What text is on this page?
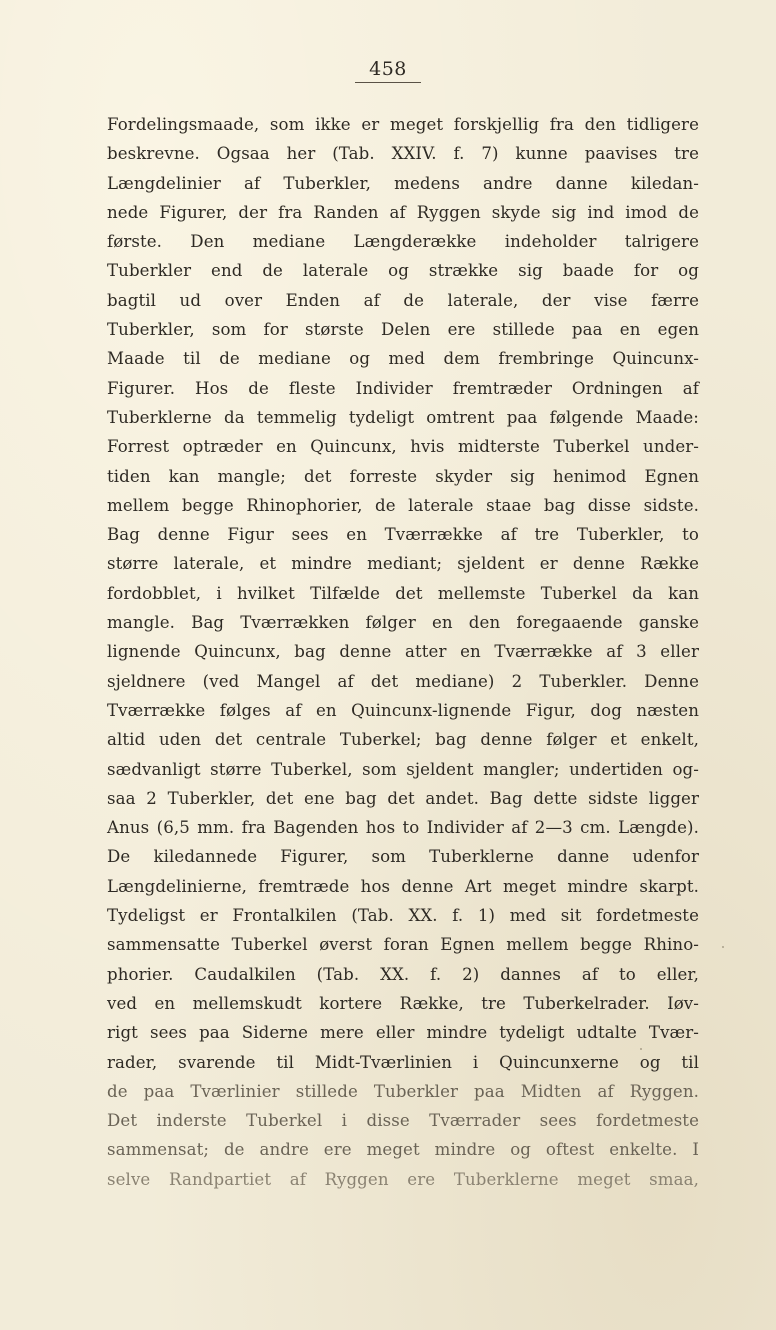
458
Fordelingsmaade, som ikke er meget forskjellig fra den tidligere
beskrevne. Ogsaa her (Tab. XXIV. f. 7) kunne paavises tre
Længdelinier af Tuberkler, medens andre danne kiledan-
nede Figurer, der fra Randen af Ryggen skyde sig ind imod de
første. Den mediane Længderække indeholder talrigere
Tuberkler end de laterale og strække sig baade for og
bagtil ud over Enden af de laterale, der vise færre
Tuberkler, som for største Delen ere stillede paa en egen
Maade til de mediane og med dem frembringe Quincunx-
Figurer. Hos de fleste Individer fremtræder Ordningen af
Tuberklerne da temmelig tydeligt omtrent paa følgende Maade:
Forrest optræder en Quincunx, hvis midterste Tuberkel under-
tiden kan mangle; det forreste skyder sig henimod Egnen
mellem begge Rhinophorier, de laterale staae bag disse sidste.
Bag denne Figur sees en Tværrække af tre Tuberkler, to
større laterale, et mindre mediant; sjeldent er denne Række
fordobblet, i hvilket Tilfælde det mellemste Tuberkel da kan
mangle. Bag Tværrækken følger en den foregaaende ganske
lignende Quincunx, bag denne atter en Tværrække af 3 eller
sjeldnere (ved Mangel af det mediane) 2 Tuberkler. Denne
Tværrække følges af en Quincunx-lignende Figur, dog næsten
altid uden det centrale Tuberkel; bag denne følger et enkelt,
sædvanligt større Tuberkel, som sjeldent mangler; undertiden og-
saa 2 Tuberkler, det ene bag det andet. Bag dette sidste ligger
Anus (6,5 mm. fra Bagenden hos to Individer af 2—3 cm. Længde).
De kiledannede Figurer, som Tuberklerne danne udenfor
Længdelinierne, fremtræde hos denne Art meget mindre skarpt.
Tydeligst er Frontalkilen (Tab. XX. f. 1) med sit fordetmeste
sammensatte Tuberkel øverst foran Egnen mellem begge Rhino-
phorier. Caudalkilen (Tab. XX. f. 2) dannes af to eller,
ved en mellemskudt kortere Række, tre Tuberkelrader. Iøv-
rigt sees paa Siderne mere eller mindre tydeligt udtalte Tvær-
rader, svarende til Midt-Tværlinien i Quincunxerne og til
de paa Tværlinier stillede Tuberkler paa Midten af Ryggen.
Det inderste Tuberkel i disse Tværrader sees fordetmeste
sammensat; de andre ere meget mindre og oftest enkelte. I
selve Randpartiet af Ryggen ere Tuberklerne meget smaa,
